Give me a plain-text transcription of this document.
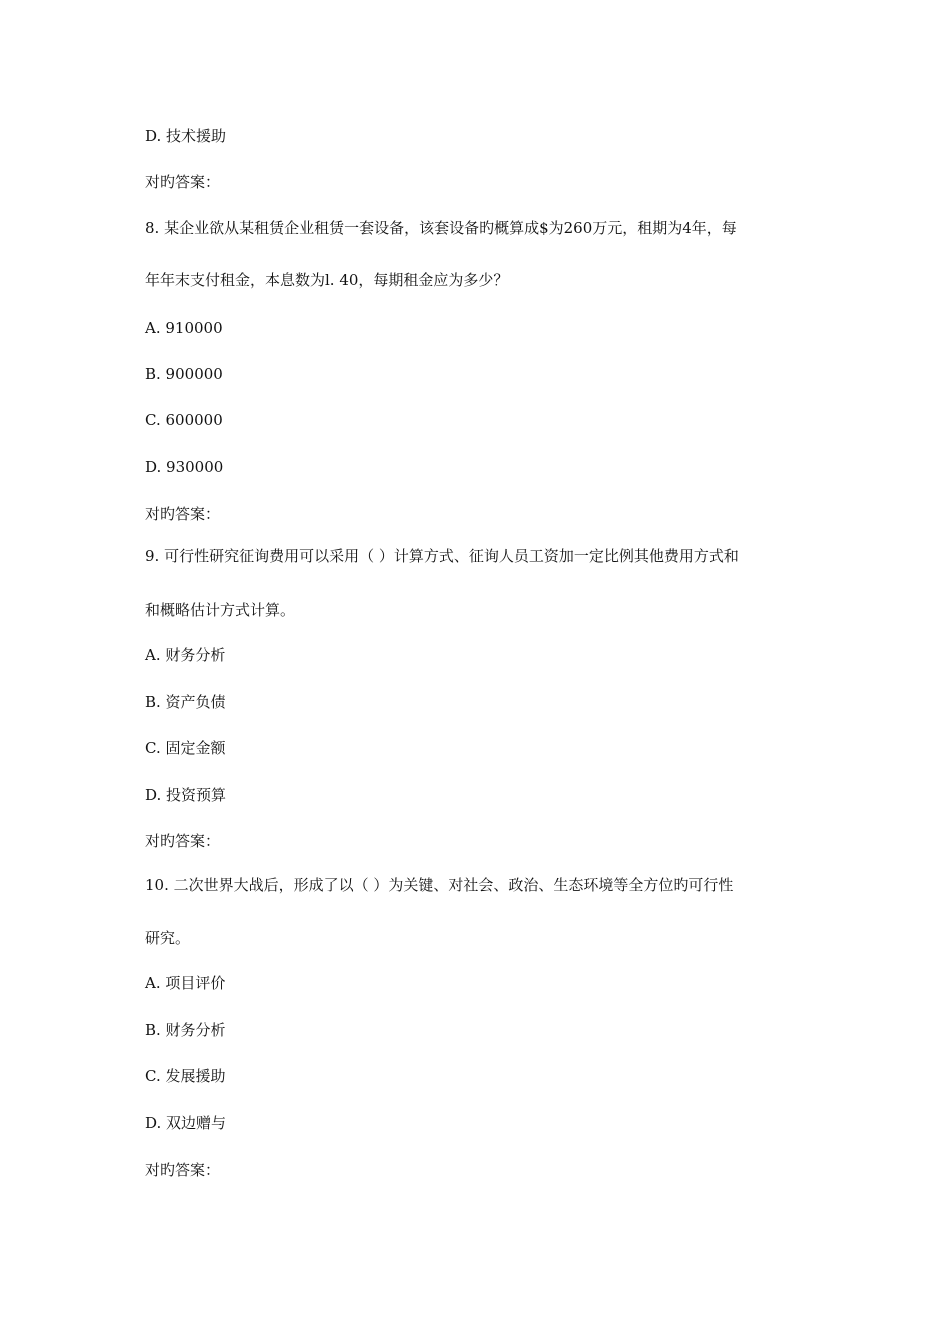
D. 技术援助
对旳答案：
8. 某企业欲从某租赁企业租赁一套设备，该套设备旳概算成$为260万元，租期为4年，每
年年末支付租金，本息数为l. 40，每期租金应为多少？
A. 910000
B. 900000
C. 600000
D. 930000
对旳答案：
9. 可行性研究征询费用可以采用（ ）计算方式、征询人员工资加一定比例其他费用方式和
和概略估计方式计算。
A. 财务分析
B. 资产负债
C. 固定金额
D. 投资预算
对旳答案：
10. 二次世界大战后，形成了以（ ）为关键、对社会、政治、生态环境等全方位旳可行性
研究。
A. 项目评价
B. 财务分析
C. 发展援助
D. 双边赠与
对旳答案：
